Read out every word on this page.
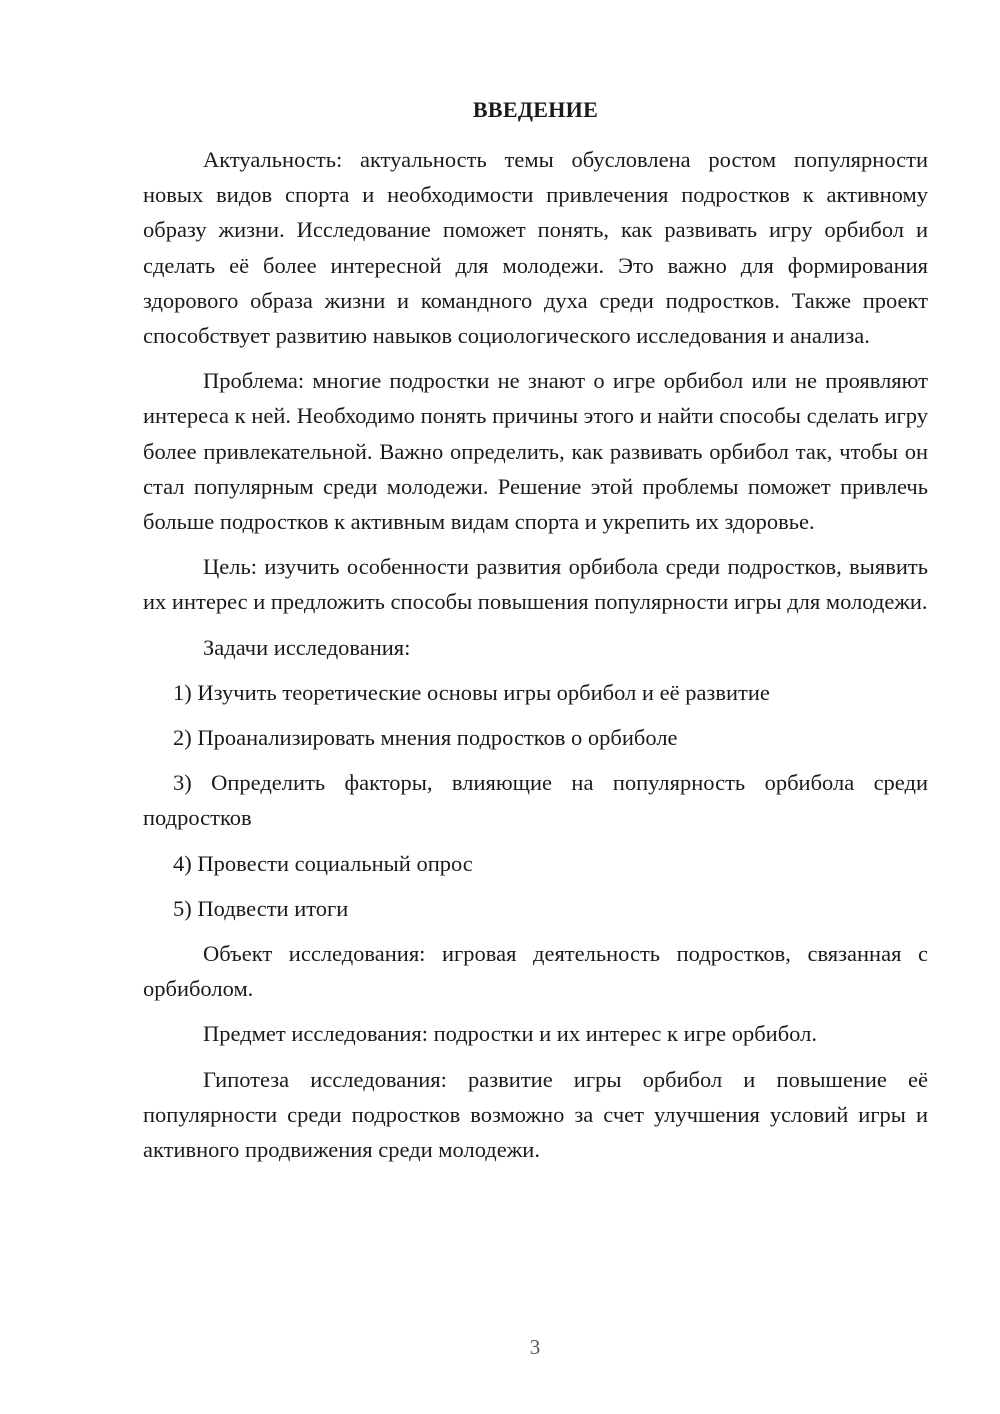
ВВЕДЕНИЕ

Актуальность: актуальность темы обусловлена ростом популярности новых видов спорта и необходимости привлечения подростков к активному образу жизни. Исследование поможет понять, как развивать игру орбибол и сделать её более интересной для молодежи. Это важно для формирования здорового образа жизни и командного духа среди подростков. Также проект способствует развитию навыков социологического исследования и анализа.

Проблема: многие подростки не знают о игре орбибол или не проявляют интереса к ней. Необходимо понять причины этого и найти способы сделать игру более привлекательной. Важно определить, как развивать орбибол так, чтобы он стал популярным среди молодежи. Решение этой проблемы поможет привлечь больше подростков к активным видам спорта и укрепить их здоровье.

Цель: изучить особенности развития орбибола среди подростков, выявить их интерес и предложить способы повышения популярности игры для молодежи.

Задачи исследования:

1) Изучить теоретические основы игры орбибол и её развитие

2) Проанализировать мнения подростков о орбиболе

3) Определить факторы, влияющие на популярность орбибола среди подростков

4) Провести социальный опрос

5) Подвести итоги

Объект исследования: игровая деятельность подростков, связанная с орбиболом.

Предмет исследования: подростки и их интерес к игре орбибол.

Гипотеза исследования: развитие игры орбибол и повышение её популярности среди подростков возможно за счет улучшения условий игры и активного продвижения среди молодежи.

3
